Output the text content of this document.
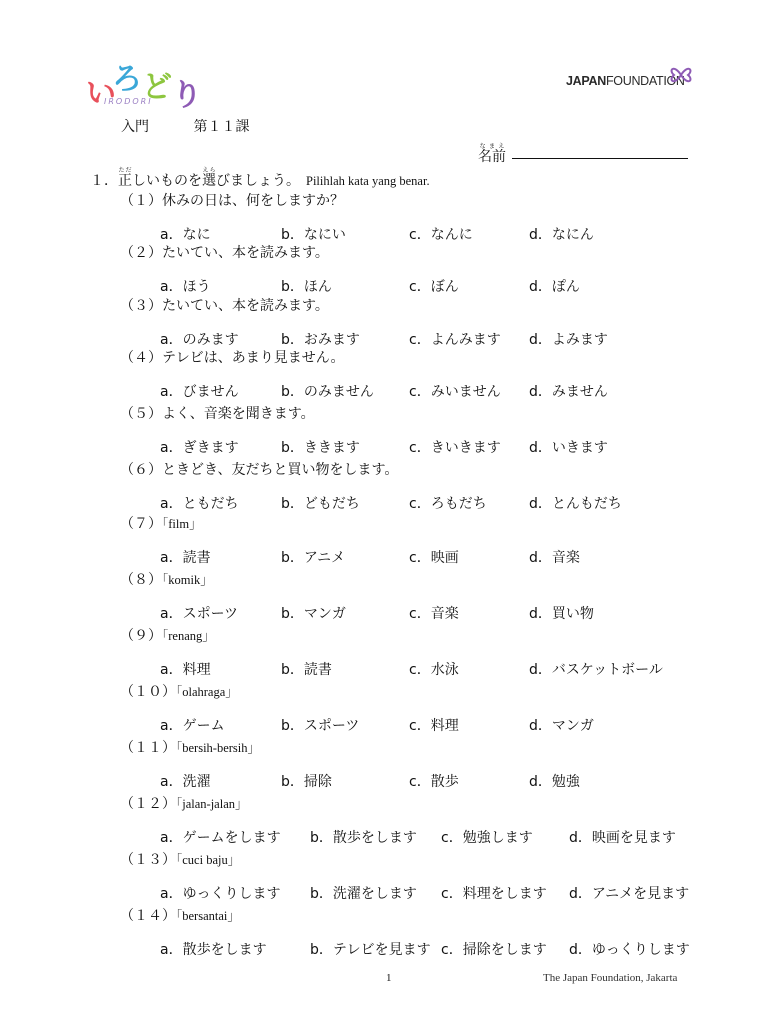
い
ろ ど り
IRODORI
JAPANFOUNDATION
入門	第１１課
名前なまえ
１．正ただしいものを選えらびましょう。 Pilihlah kata yang benar.
（１）休みの日は、何をしますか？
a．なに	b．なにい	c．なんに	d．なにん
（２）たいてい、本を読みます。
a．ほう	b．ほん	c．ぼん	d．ぽん
（３）たいてい、本を読みます。
a．のみます	b．おみます	c．よんみます d．よみます
（４）テレビは、あまり見ません。
a．びません	b．のみません	c．みいません d．みません
（５）よく、音楽を聞きます。
a．ぎきます	b．ききます	c．きいきます d．いきます
（６）ときどき、友だちと買い物をします。
a．ともだち	b．どもだち	c．ろもだち	d．とんもだち
（７）「film」
a．読書	b．アニメ	c．映画	d．音楽
（８）「komik」
a．スポーツ	b．マンガ	c．音楽	d．買い物
（９）「renang」
a．料理	b．読書	c．水泳	d．バスケットボール
（１０）「olahraga」
a．ゲーム	b．スポーツ	c．料理	d．マンガ
（１１）「bersih-bersih」
a．洗濯	b．掃除	c．散歩	d．勉強
（１２）「jalan-jalan」
a．ゲームをします b．散歩をします c．勉強します	d．映画を見ます
（１３）「cuci baju」
a．ゆっくりします b．洗濯をします c．料理をします d．アニメを見ます
（１４）「bersantai」
a．散歩をします	b．テレビを見ます c．掃除をします d．ゆっくりします
1	The Japan Foundation, Jakarta
